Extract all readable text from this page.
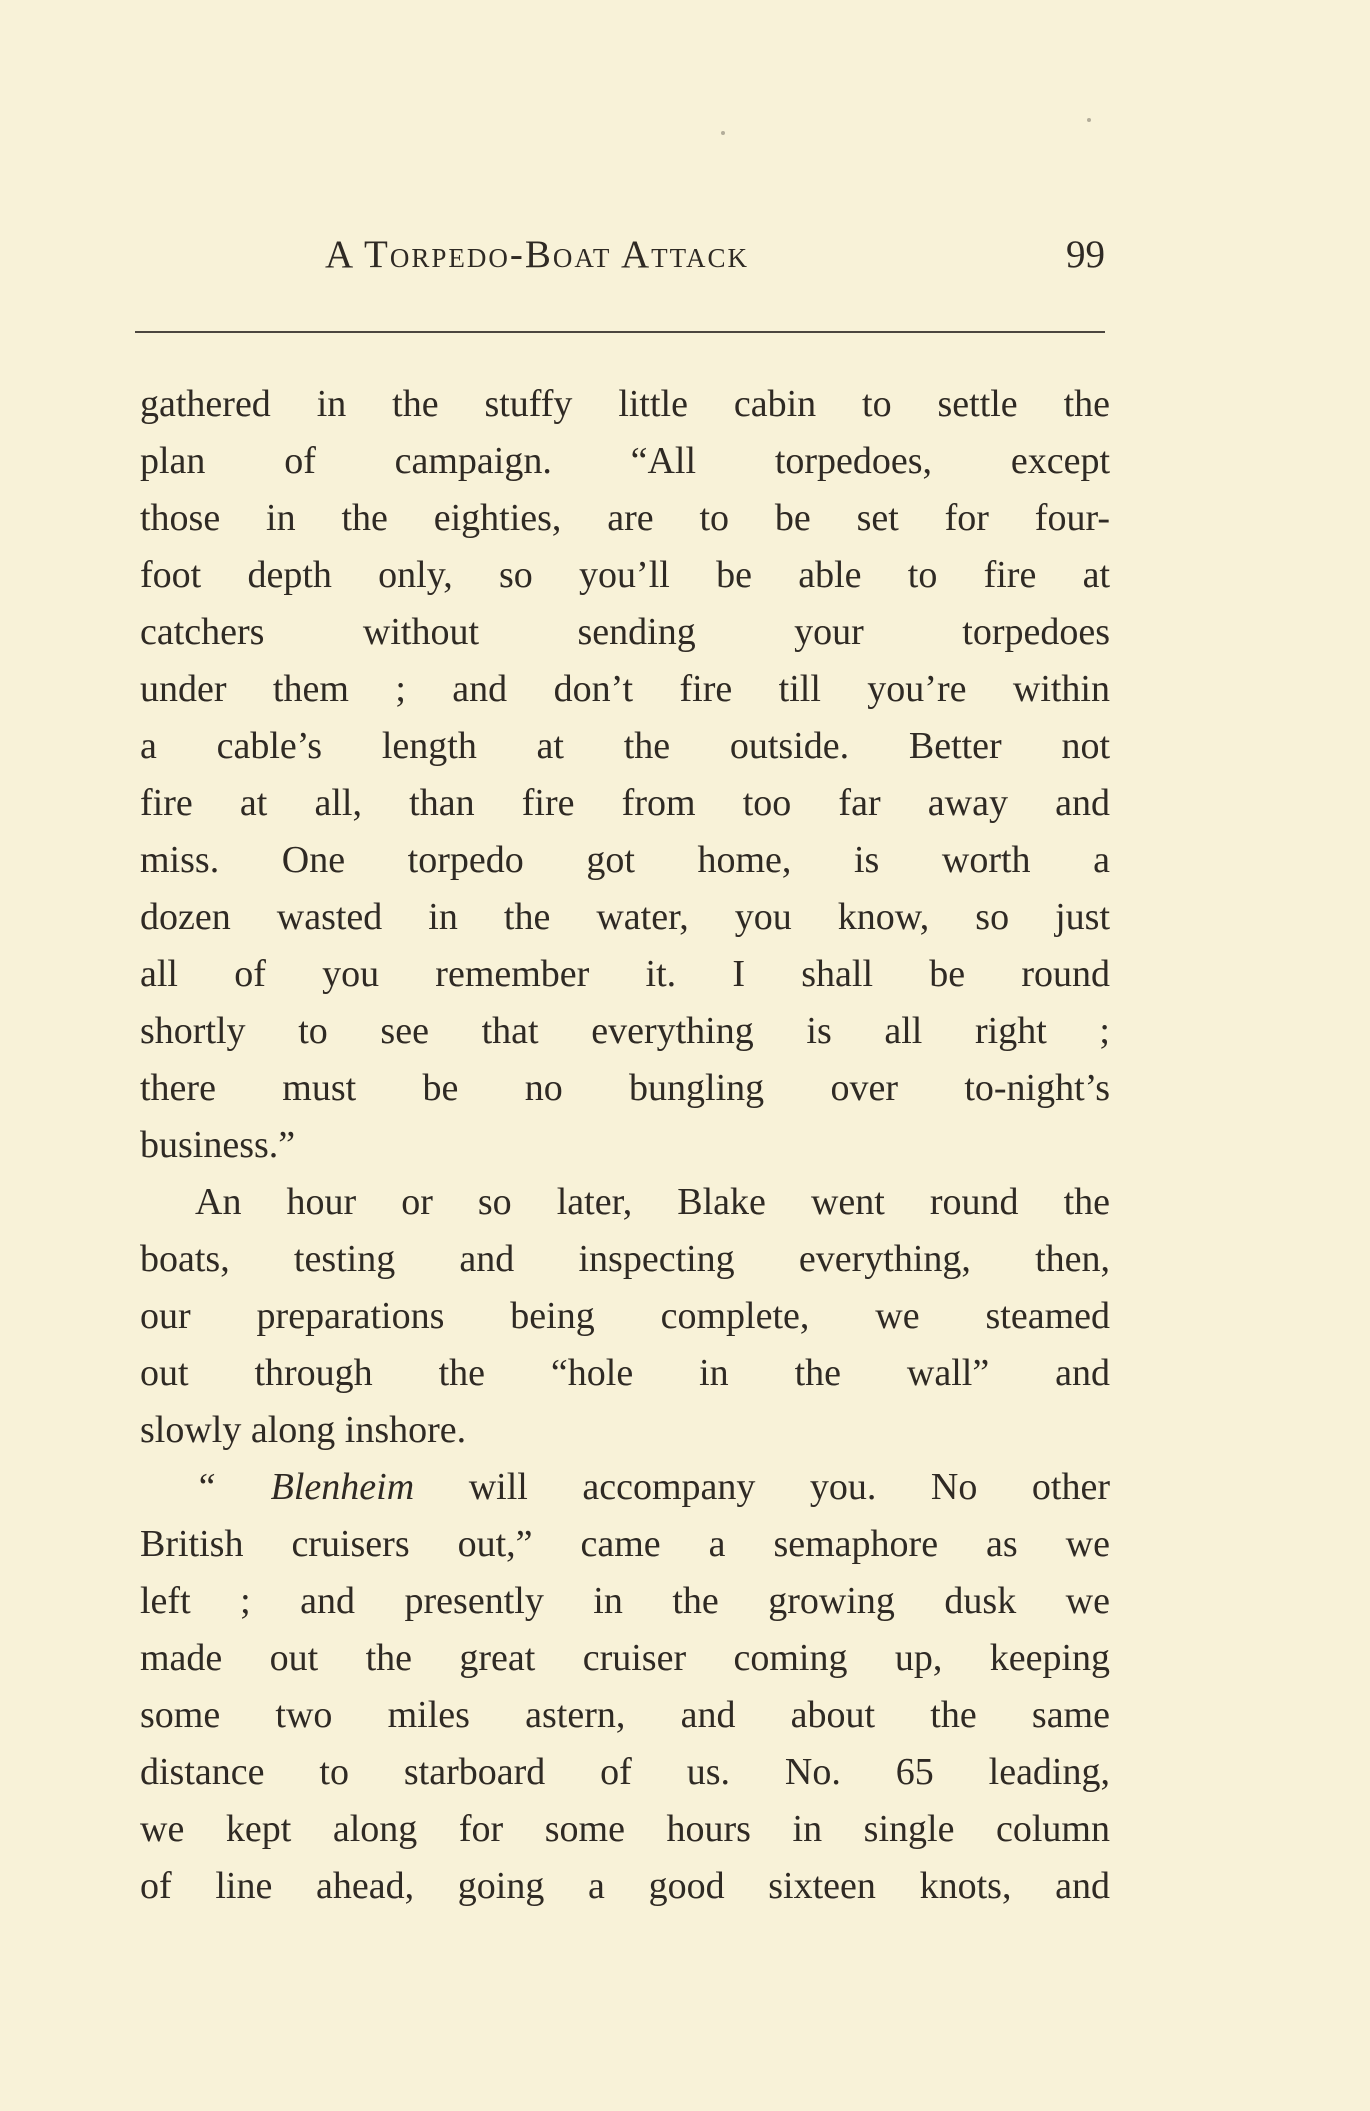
A Torpedo-Boat Attack	99
gathered in the stuffy little cabin to settle the
plan of campaign. “All torpedoes, except
those in the eighties, are to be set for four-
foot depth only, so you’ll be able to fire at
catchers without sending your torpedoes
under them ; and don’t fire till you’re within
a cable’s length at the outside. Better not
fire at all, than fire from too far away and
miss. One torpedo got home, is worth a
dozen wasted in the water, you know, so just
all of you remember it. I shall be round
shortly to see that everything is all right ;
there must be no bungling over to-night’s
business.”
An hour or so later, Blake went round the
boats, testing and inspecting everything, then,
our preparations being complete, we steamed
out through the “hole in the wall” and
slowly along inshore.
“ Blenheim will accompany you. No other
British cruisers out,” came a semaphore as we
left ; and presently in the growing dusk we
made out the great cruiser coming up, keeping
some two miles astern, and about the same
distance to starboard of us. No. 65 leading,
we kept along for some hours in single column
of line ahead, going a good sixteen knots, and
